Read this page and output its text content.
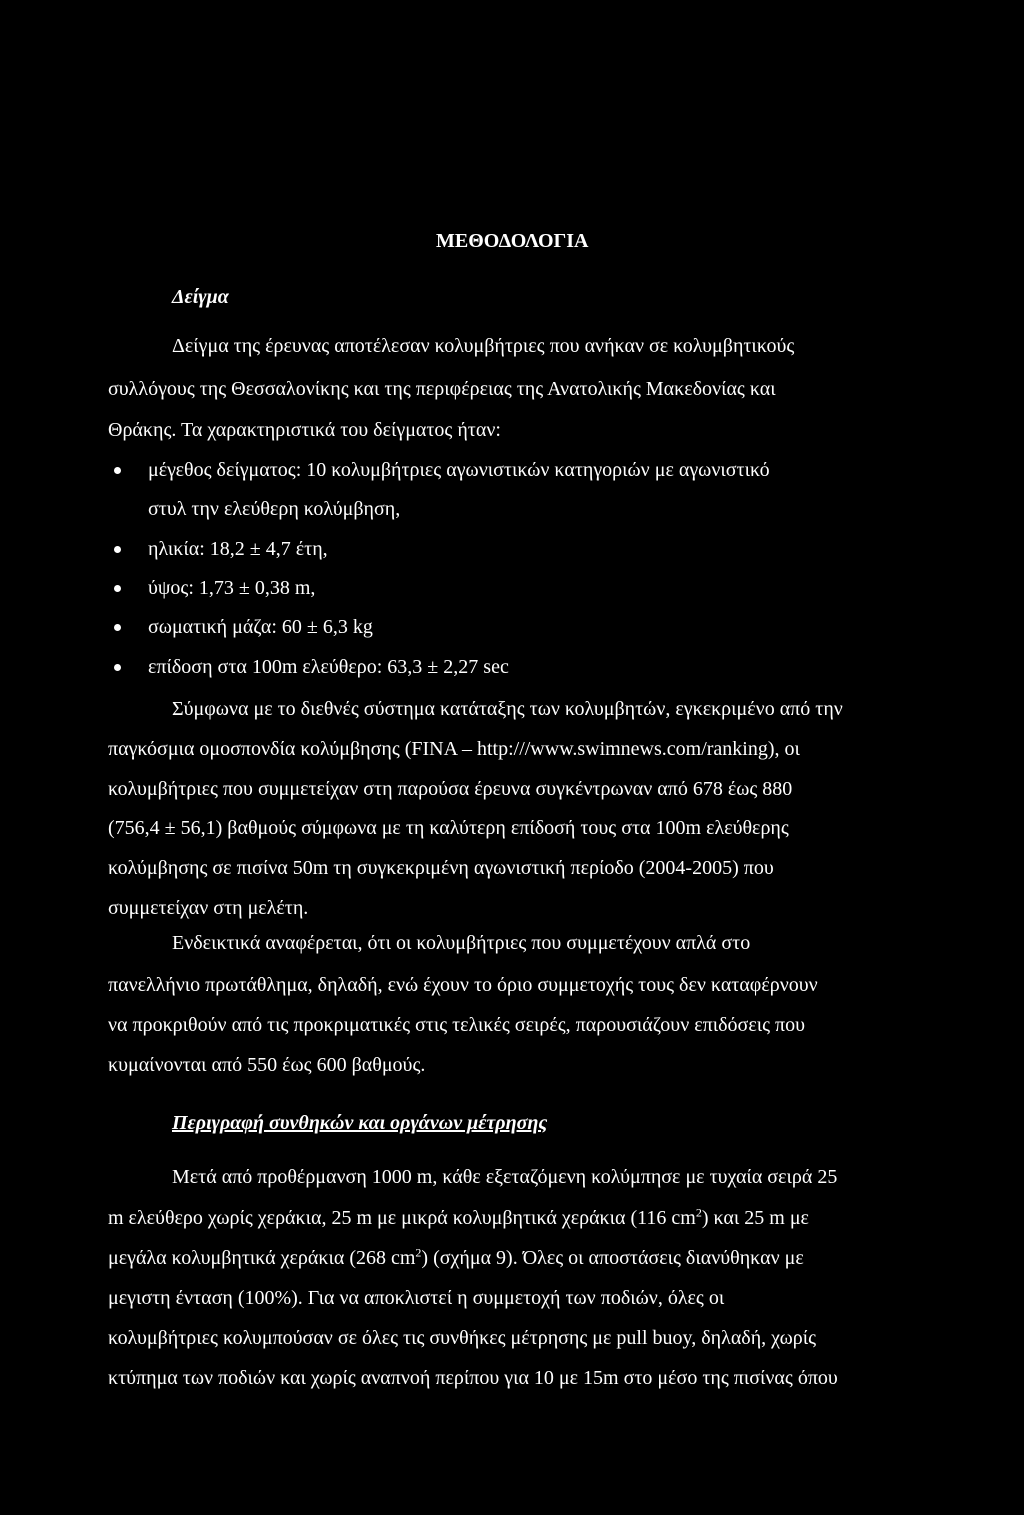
ΜΕΘΟΔΟΛΟΓΙΑ
Δείγμα
Δείγμα της έρευνας αποτέλεσαν κολυμβήτριες που ανήκαν σε κολυμβητικούς
συλλόγους της Θεσσαλονίκης και της περιφέρειας της Ανατολικής Μακεδονίας και
Θράκης. Τα χαρακτηριστικά του δείγματος ήταν:
μέγεθος δείγματος: 10 κολυμβήτριες αγωνιστικών κατηγοριών με αγωνιστικό
στυλ την ελεύθερη κολύμβηση,
ηλικία: 18,2 ± 4,7 έτη,
ύψος: 1,73 ± 0,38 m,
σωματική μάζα: 60 ± 6,3 kg
επίδοση στα 100m ελεύθερο: 63,3 ± 2,27 sec
Σύμφωνα με το διεθνές σύστημα κατάταξης των κολυμβητών, εγκεκριμένο από την
παγκόσμια ομοσπονδία κολύμβησης (FINA – http:///www.swimnews.com/ranking), οι
κολυμβήτριες που συμμετείχαν στη παρούσα έρευνα συγκέντρωναν από 678 έως 880
(756,4 ± 56,1) βαθμούς σύμφωνα με τη καλύτερη επίδοσή τους στα 100m ελεύθερης
κολύμβησης σε πισίνα 50m τη συγκεκριμένη αγωνιστική περίοδο (2004-2005) που
συμμετείχαν στη μελέτη.
Ενδεικτικά αναφέρεται, ότι οι κολυμβήτριες που συμμετέχουν απλά στο
πανελλήνιο πρωτάθλημα, δηλαδή, ενώ έχουν το όριο συμμετοχής τους δεν καταφέρνουν
να προκριθούν από τις προκριματικές στις τελικές σειρές, παρουσιάζουν επιδόσεις που
κυμαίνονται από 550 έως 600 βαθμούς.
Περιγραφή συνθηκών και οργάνων μέτρησης
Μετά από προθέρμανση 1000 m, κάθε εξεταζόμενη κολύμπησε με τυχαία σειρά 25
m ελεύθερο χωρίς χεράκια, 25 m με μικρά κολυμβητικά χεράκια (116 $cm^2$) και 25 m με
μεγάλα κολυμβητικά χεράκια (268 $cm^2$) (σχήμα 9). Όλες οι αποστάσεις διανύθηκαν με
μεγιστη ένταση (100%). Για να αποκλιστεί η συμμετοχή των ποδιών, όλες οι
κολυμβήτριες κολυμπούσαν σε όλες τις συνθήκες μέτρησης με pull buoy, δηλαδή, χωρίς
κτύπημα των ποδιών και χωρίς αναπνοή περίπου για 10 με 15m στο μέσο της πισίνας όπου
